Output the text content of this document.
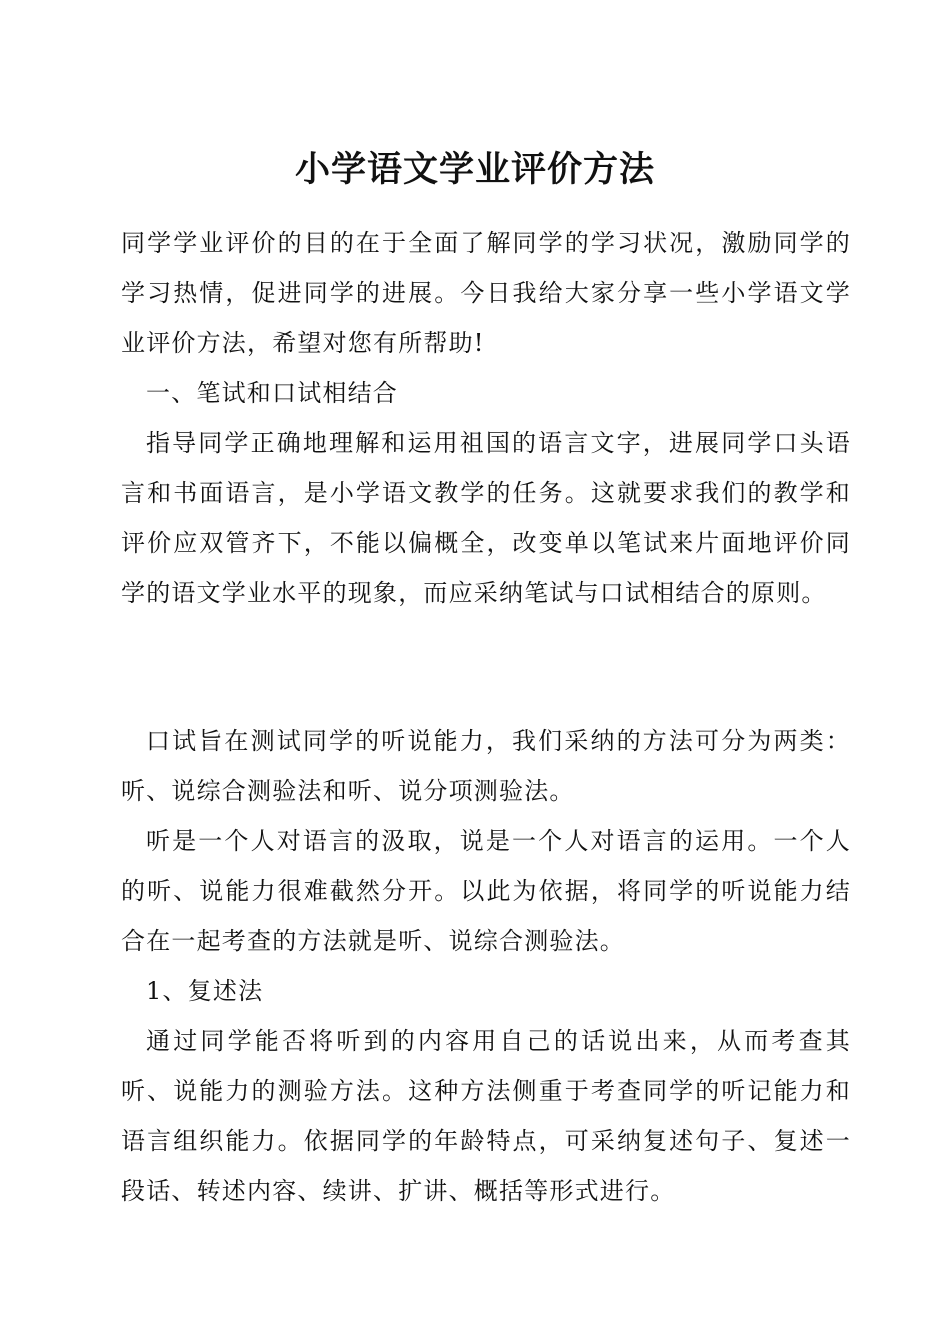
小学语文学业评价方法

同学学业评价的目的在于全面了解同学的学习状况，激励同学的学习热情，促进同学的进展。今日我给大家分享一些小学语文学业评价方法，希望对您有所帮助!

一、笔试和口试相结合

指导同学正确地理解和运用祖国的语言文字，进展同学口头语言和书面语言，是小学语文教学的任务。这就要求我们的教学和评价应双管齐下，不能以偏概全，改变单以笔试来片面地评价同学的语文学业水平的现象，而应采纳笔试与口试相结合的原则。

口试旨在测试同学的听说能力，我们采纳的方法可分为两类：听、说综合测验法和听、说分项测验法。

听是一个人对语言的汲取，说是一个人对语言的运用。一个人的听、说能力很难截然分开。以此为依据，将同学的听说能力结合在一起考查的方法就是听、说综合测验法。

1、复述法

通过同学能否将听到的内容用自己的话说出来，从而考查其听、说能力的测验方法。这种方法侧重于考查同学的听记能力和语言组织能力。依据同学的年龄特点，可采纳复述句子、复述一段话、转述内容、续讲、扩讲、概括等形式进行。
